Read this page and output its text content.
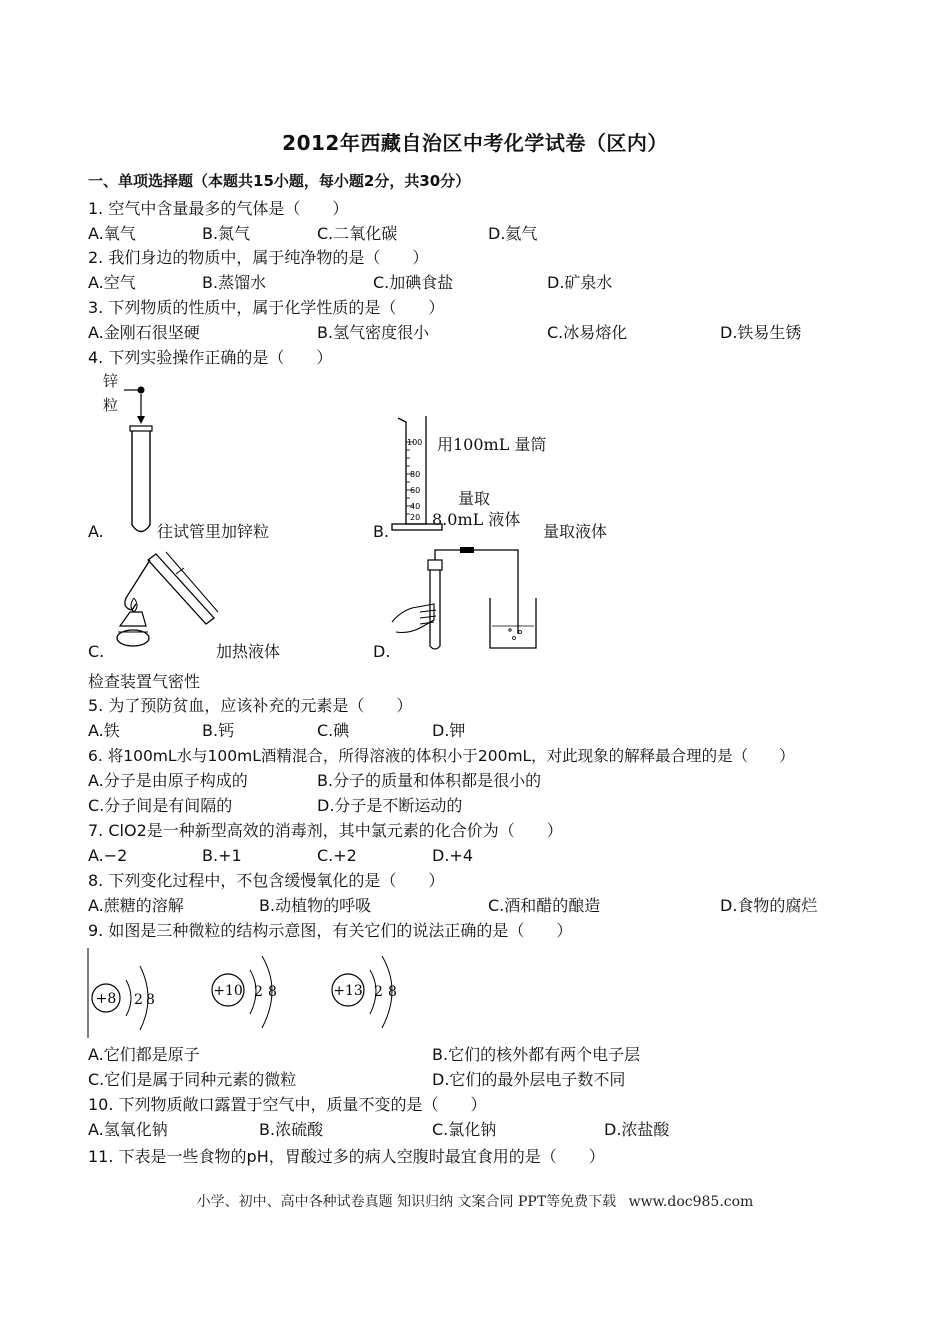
2012年西藏自治区中考化学试卷（区内）
一、单项选择题（本题共15小题，每小题2分，共30分）
1. 空气中含量最多的气体是（　　）
A.氧气	B.氮气	C.二氧化碳	D.氦气
2. 我们身边的物质中，属于纯净物的是（　　）
A.空气	B.蒸馏水	C.加碘食盐	D.矿泉水
3. 下列物质的性质中，属于化学性质的是（　　）
A.金刚石很坚硬	B.氢气密度很小	C.冰易熔化	D.铁易生锈
4. 下列实验操作正确的是（　　）
锌
粒
A.	往试管里加锌粒
100
80
60
40
20
用100mL 量筒
量取
8.0mL 液体
B.	量取液体
C.	加热液体	D.
检查装置气密性
5. 为了预防贫血，应该补充的元素是（　　）
A.铁	B.钙	C.碘	D.钾
6. 将100mL水与100mL酒精混合，所得溶液的体积小于200mL，对此现象的解释最合理的是（　　）
A.分子是由原子构成的	B.分子的质量和体积都是很小的
C.分子间是有间隔的	D.分子是不断运动的
7. ClO2是一种新型高效的消毒剂，其中氯元素的化合价为（　　）
A.−2	B.+1	C.+2	D.+4
8. 下列变化过程中，不包含缓慢氧化的是（　　）
A.蔗糖的溶解	B.动植物的呼吸	C.酒和醋的酿造	D.食物的腐烂
9. 如图是三种微粒的结构示意图，有关它们的说法正确的是（　　）
+8 2 8
+10 2 8	+13 2 8
A.它们都是原子	B.它们的核外都有两个电子层
C.它们是属于同种元素的微粒	D.它们的最外层电子数不同
10. 下列物质敞口露置于空气中，质量不变的是（　　）
A.氢氧化钠	B.浓硫酸	C.氯化钠	D.浓盐酸
11. 下表是一些食物的pH，胃酸过多的病人空腹时最宜食用的是（　　）
小学、初中、高中各种试卷真题 知识归纳 文案合同 PPT等免费下载 www.doc985.com
